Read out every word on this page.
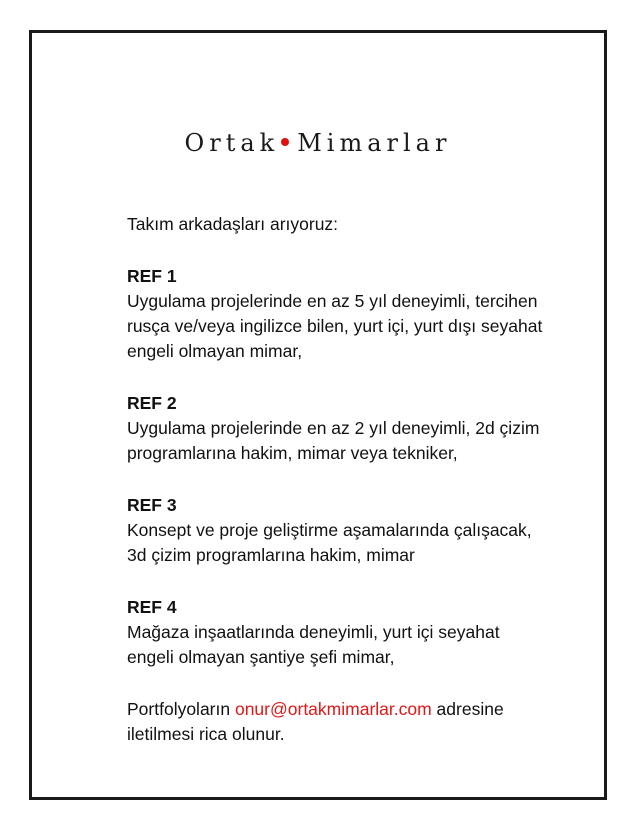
Ortak Mimarlar

Takım arkadaşları arıyoruz:

REF 1
Uygulama projelerinde en az 5 yıl deneyimli, tercihen
rusça ve/veya ingilizce bilen, yurt içi, yurt dışı seyahat
engeli olmayan mimar,
REF 2
Uygulama projelerinde en az 2 yıl deneyimli, 2d çizim
programlarına hakim, mimar veya tekniker,
REF 3
Konsept ve proje geliştirme aşamalarında çalışacak,
3d çizim programlarına hakim, mimar
REF 4
Mağaza inşaatlarında deneyimli, yurt içi seyahat
engeli olmayan şantiye şefi mimar,

Portfolyoların onur@ortakmimarlar.com adresine
iletilmesi rica olunur.
